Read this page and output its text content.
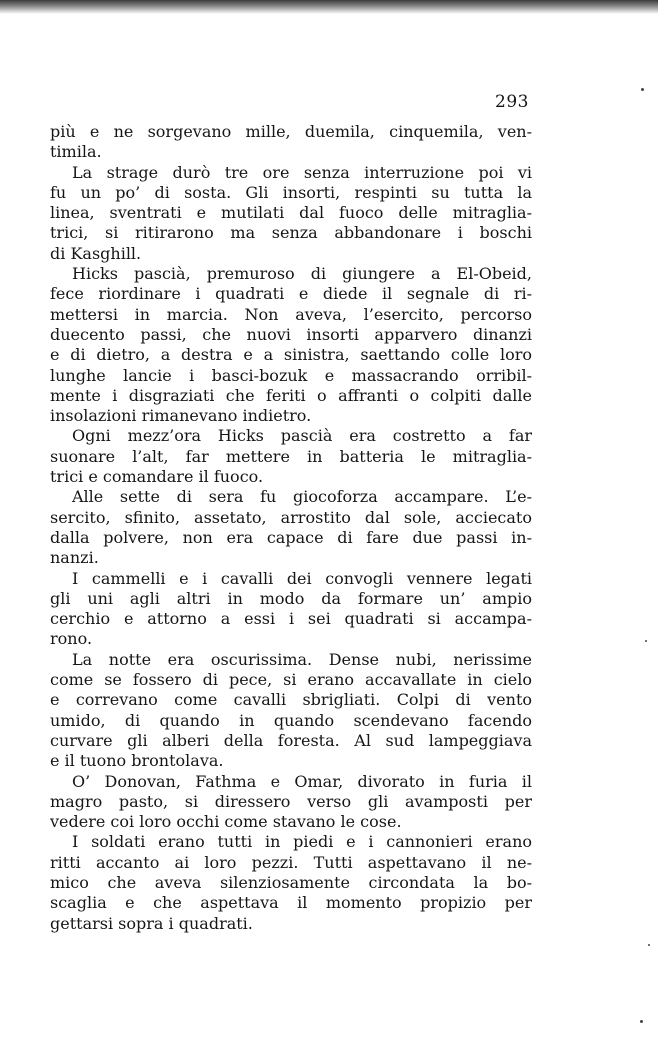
293
più e ne sorgevano mille, duemila, cinquemila, ven-
timila.
La strage durò tre ore senza interruzione poi vi
fu un po’ di sosta. Gli insorti, respinti su tutta la
linea, sventrati e mutilati dal fuoco delle mitraglia-
trici, si ritirarono ma senza abbandonare i boschi
di Kasghill.
Hicks pascià, premuroso di giungere a El-Obeid,
fece riordinare i quadrati e diede il segnale di ri-
mettersi in marcia. Non aveva, l’esercito, percorso
duecento passi, che nuovi insorti apparvero dinanzi
e di dietro, a destra e a sinistra, saettando colle loro
lunghe lancie i basci-bozuk e massacrando orribil-
mente i disgraziati che feriti o affranti o colpiti dalle
insolazioni rimanevano indietro.
Ogni mezz’ora Hicks pascià era costretto a far
suonare l’alt, far mettere in batteria le mitraglia-
trici e comandare il fuoco.
Alle sette di sera fu giocoforza accampare. L’e-
sercito, sfinito, assetato, arrostito dal sole, acciecato
dalla polvere, non era capace di fare due passi in-
nanzi.
I cammelli e i cavalli dei convogli vennere legati
gli uni agli altri in modo da formare un’ ampio
cerchio e attorno a essi i sei quadrati si accampa-
rono.
La notte era oscurissima. Dense nubi, nerissime
come se fossero di pece, si erano accavallate in cielo
e correvano come cavalli sbrigliati. Colpi di vento
umido, di quando in quando scendevano facendo
curvare gli alberi della foresta. Al sud lampeggiava
e il tuono brontolava.
O’ Donovan, Fathma e Omar, divorato in furia il
magro pasto, si diressero verso gli avamposti per
vedere coi loro occhi come stavano le cose.
I soldati erano tutti in piedi e i cannonieri erano
ritti accanto ai loro pezzi. Tutti aspettavano il ne-
mico che aveva silenziosamente circondata la bo-
scaglia e che aspettava il momento propizio per
gettarsi sopra i quadrati.
